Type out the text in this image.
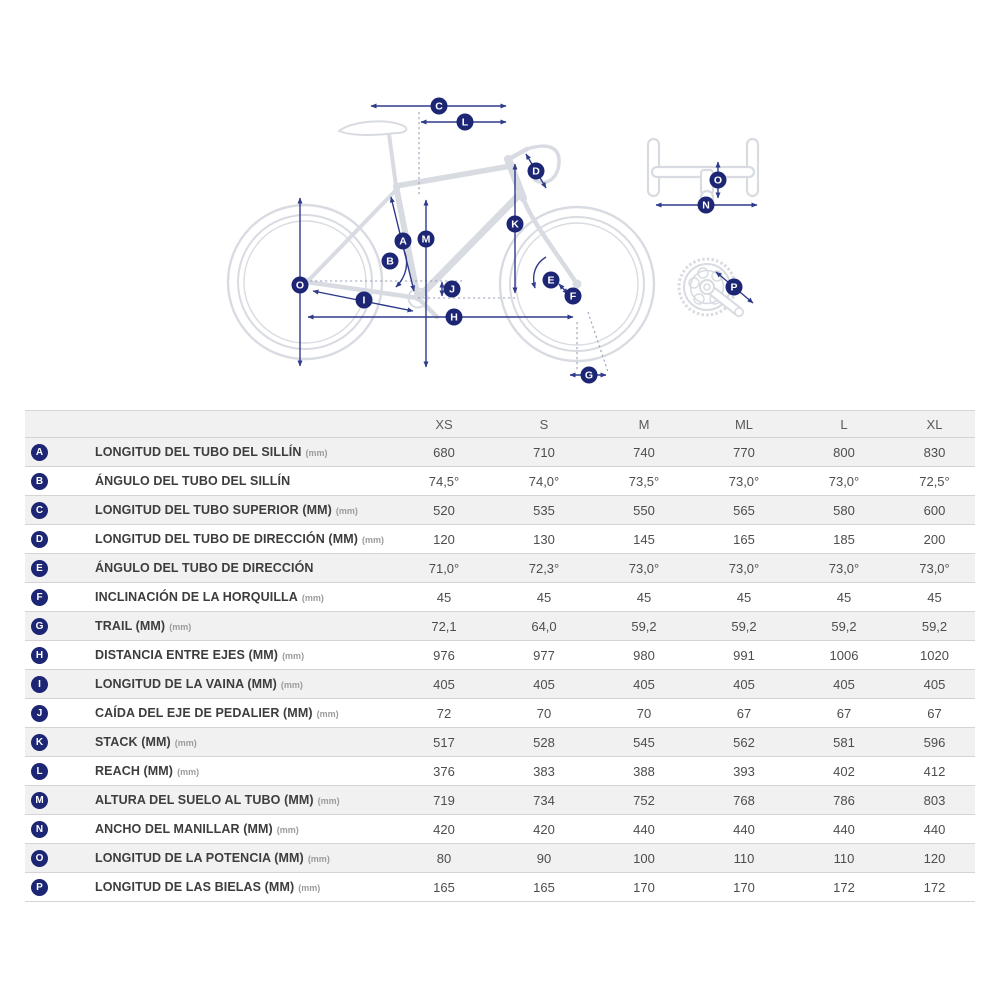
C
L
D
A
B
M
K
O
I
J
H
E
F
G
O
N
P
XS	S	M	ML	L	XL
A	LONGITUD DEL TUBO DEL SILLÍN (mm)	680	710	740	770	800	830
B	ÁNGULO DEL TUBO DEL SILLÍN	74,5°	74,0°	73,5°	73,0°	73,0°	72,5°
C	LONGITUD DEL TUBO SUPERIOR (MM) (mm)	520	535	550	565	580	600
D	LONGITUD DEL TUBO DE DIRECCIÓN (MM) (mm)	120	130	145	165	185	200
E	ÁNGULO DEL TUBO DE DIRECCIÓN	71,0°	72,3°	73,0°	73,0°	73,0°	73,0°
F	INCLINACIÓN DE LA HORQUILLA (mm)	45	45	45	45	45	45
G	TRAIL (MM) (mm)	72,1	64,0	59,2	59,2	59,2	59,2
H	DISTANCIA ENTRE EJES (MM) (mm)	976	977	980	991	1006	1020
I	LONGITUD DE LA VAINA (MM) (mm)	405	405	405	405	405	405
J	CAÍDA DEL EJE DE PEDALIER (MM) (mm)	72	70	70	67	67	67
K	STACK (MM) (mm)	517	528	545	562	581	596
L	REACH (MM) (mm)	376	383	388	393	402	412
M	ALTURA DEL SUELO AL TUBO (MM) (mm)	719	734	752	768	786	803
N	ANCHO DEL MANILLAR (MM) (mm)	420	420	440	440	440	440
O	LONGITUD DE LA POTENCIA (MM) (mm)	80	90	100	110	110	120
P	LONGITUD DE LAS BIELAS (MM) (mm)	165	165	170	170	172	172
